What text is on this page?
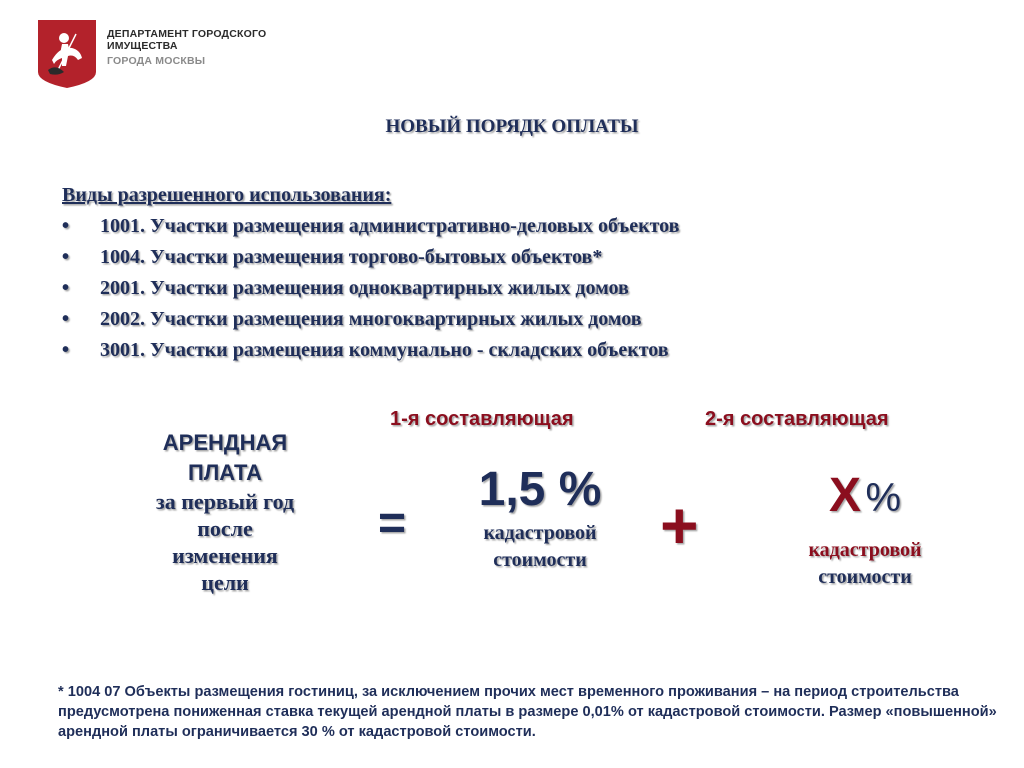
ДЕПАРТАМЕНТ ГОРОДСКОГО
ИМУЩЕСТВА
ГОРОДА МОСКВЫ
НОВЫЙ ПОРЯДК ОПЛАТЫ
Виды разрешенного использования:
• 1001. Участки размещения административно-деловых объектов
• 1004. Участки размещения торгово-бытовых объектов*
• 2001. Участки размещения одноквартирных жилых домов
• 2002. Участки размещения многоквартирных жилых домов
• 3001. Участки размещения коммунально - складских объектов
1-я составляющая	2-я составляющая
АРЕНДНАЯ
ПЛАТА
за первый год
после
изменения
цели
=
1,5 %
кадастровой
стоимости	+	Х %
кадастровой
стоимости
* 1004 07 Объекты размещения гостиниц, за исключением прочих мест временного проживания – на период строительства предусмотрена пониженная ставка текущей арендной платы в размере 0,01% от кадастровой стоимости. Размер «повышенной» арендной платы ограничивается 30 % от кадастровой стоимости.
